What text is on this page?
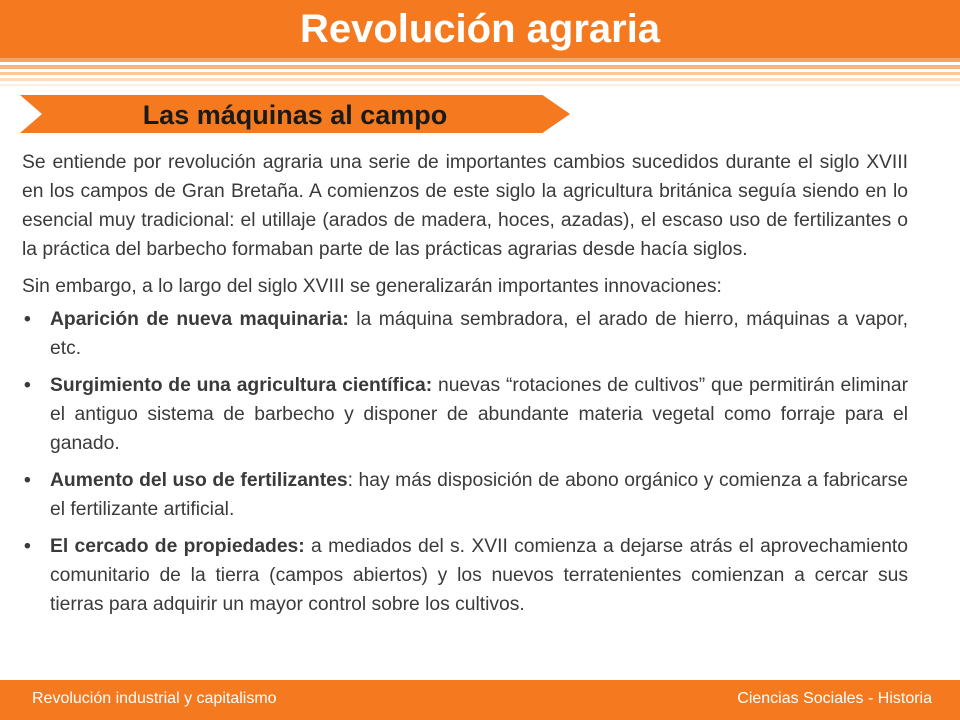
Revolución agraria
Las máquinas al campo

Se entiende por revolución agraria una serie de importantes cambios sucedidos durante el siglo XVIII en los campos de Gran Bretaña. A comienzos de este siglo la agricultura británica seguía siendo en lo esencial muy tradicional: el utillaje (arados de madera, hoces, azadas), el escaso uso de fertilizantes o la práctica del barbecho formaban parte de las prácticas agrarias desde hacía siglos.

Sin embargo, a lo largo del siglo XVIII se generalizarán importantes innovaciones:

• Aparición de nueva maquinaria: la máquina sembradora, el arado de hierro, máquinas a vapor, etc.
• Surgimiento de una agricultura científica: nuevas “rotaciones de cultivos” que permitirán eliminar el antiguo sistema de barbecho y disponer de abundante materia vegetal como forraje para el ganado.
• Aumento del uso de fertilizantes: hay más disposición de abono orgánico y comienza a fabricarse el fertilizante artificial.
• El cercado de propiedades: a mediados del s. XVII comienza a dejarse atrás el aprovechamiento comunitario de la tierra (campos abiertos) y los nuevos terratenientes comienzan a cercar sus tierras para adquirir un mayor control sobre los cultivos.
Revolución industrial y capitalismo	Ciencias Sociales - Historia
